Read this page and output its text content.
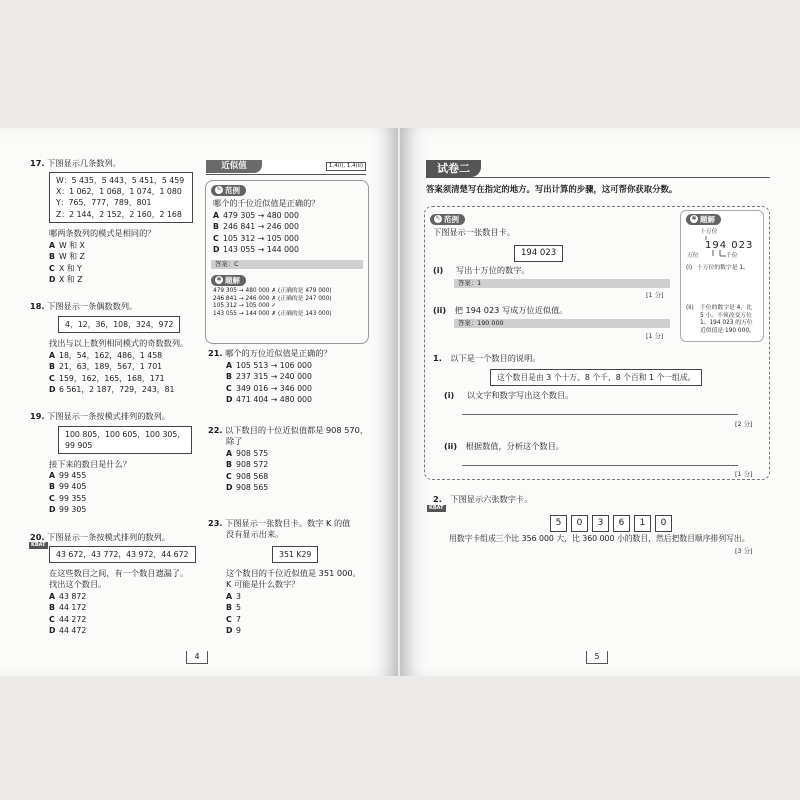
17. 下图显示几条数列。
W：5 435，5 443，5 451，5 459
X：1 062，1 068，1 074，1 080
Y：765，777，789，801
Z：2 144，2 152，2 160，2 168
哪两条数列的模式是相同的？
A W 和 X
B W 和 Z
C X 和 Y
D X 和 Z
18. 下图显示一条偶数数列。
4，12，36，108，324，972
找出与以上数列相同模式的奇数数列。
A 18，54，162，486，1 458
B 21，63，189，567，1 701
C 159，162，165，168，171
D 6 561，2 187，729，243，81
19. 下图显示一条按模式排列的数列。
100 805，100 605，100 305，
99 905
接下来的数目是什么？
A 99 455
B 99 405
C 99 355
D 99 305
20. 下图显示一条按模式排列的数列。
KBAT
43 672，43 772，43 972，44 672
在这些数目之间，有一个数目遗漏了。
找出这个数目。
A 43 872
B 44 172
C 44 272
D 44 472
近似值	1.4(i), 1.4(ii)
✎ 范例
哪个的千位近似值是正确的？
A 479 305 → 480 000
B 246 841 → 246 000
C 105 312 → 105 000
D 143 055 → 144 000
答案：C
✱ 题解
479 305 → 480 000 ✗ (正确的是 479 000)
246 841 → 246 000 ✗ (正确的是 247 000)
105 312 → 105 000 ✓
143 055 → 144 000 ✗ (正确的是 143 000)
21. 哪个的万位近似值是正确的？
A 105 513 → 106 000
B 237 315 → 240 000
C 349 016 → 346 000
D 471 404 → 480 000
22. 以下数目的十位近似值都是 908 570，
除了
A 908 575
B 908 572
C 908 568
D 908 565
23. 下图显示一张数目卡。数字 K 的值
没有显示出来。
351 K29
这个数目的千位近似值是 351 000。
K 可能是什么数字？
A 3
B 5
C 7
D 9
4
试卷二
答案须清楚写在指定的地方。写出计算的步骤，这可帮你获取分数。
✎ 范例
下图显示一张数目卡。
194 023
(i) 写出十万位的数字。
答案：1
[1 分]
(ii) 把 194 023 写成万位近似值。
答案：190 000
[1 分]
✱ 题解
十万位
194 023
万位	千位
(i) 十万位的数字是 1。
(ii) 千位的数字是 4，比
5 小。不须改变万位
1。194 023 的万位
近似值是 190 000。
1. 以下是一个数目的说明。
这个数目是由 3 个十万、8 个千、8 个百和 1 个一组成。
(i) 以文字和数字写出这个数目。
[2 分]
(ii) 根据数值，分析这个数目。
[1 分]
2. 下图显示六张数字卡。
KBAT
5 0 3 6 1 0
用数字卡组成三个比 356 000 大，比 360 000 小的数目，然后把数目顺序排列写出。
[3 分]
5
